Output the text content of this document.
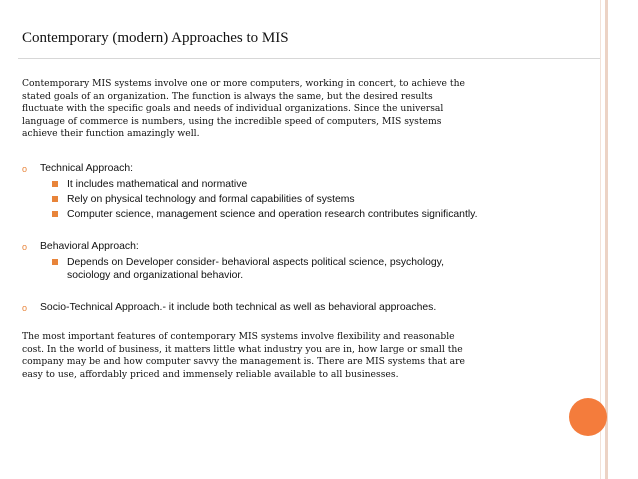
Contemporary (modern) Approaches to MIS
Contemporary MIS systems involve one or more computers, working in concert, to achieve the
stated goals of an organization. The function is always the same, but the desired results
fluctuate with the specific goals and needs of individual organizations. Since the universal
language of commerce is numbers, using the incredible speed of computers, MIS systems
achieve their function amazingly well.
o Technical Approach:
It includes mathematical and normative
Rely on physical technology and formal capabilities of systems
Computer science, management science and operation research contributes significantly.
o Behavioral Approach:
Depends on Developer consider- behavioral aspects political science, psychology,
sociology and organizational behavior.
o Socio-Technical Approach.- it include both technical as well as behavioral approaches.
The most important features of contemporary MIS systems involve flexibility and reasonable
cost. In the world of business, it matters little what industry you are in, how large or small the
company may be and how computer savvy the management is. There are MIS systems that are
easy to use, affordably priced and immensely reliable available to all businesses.
